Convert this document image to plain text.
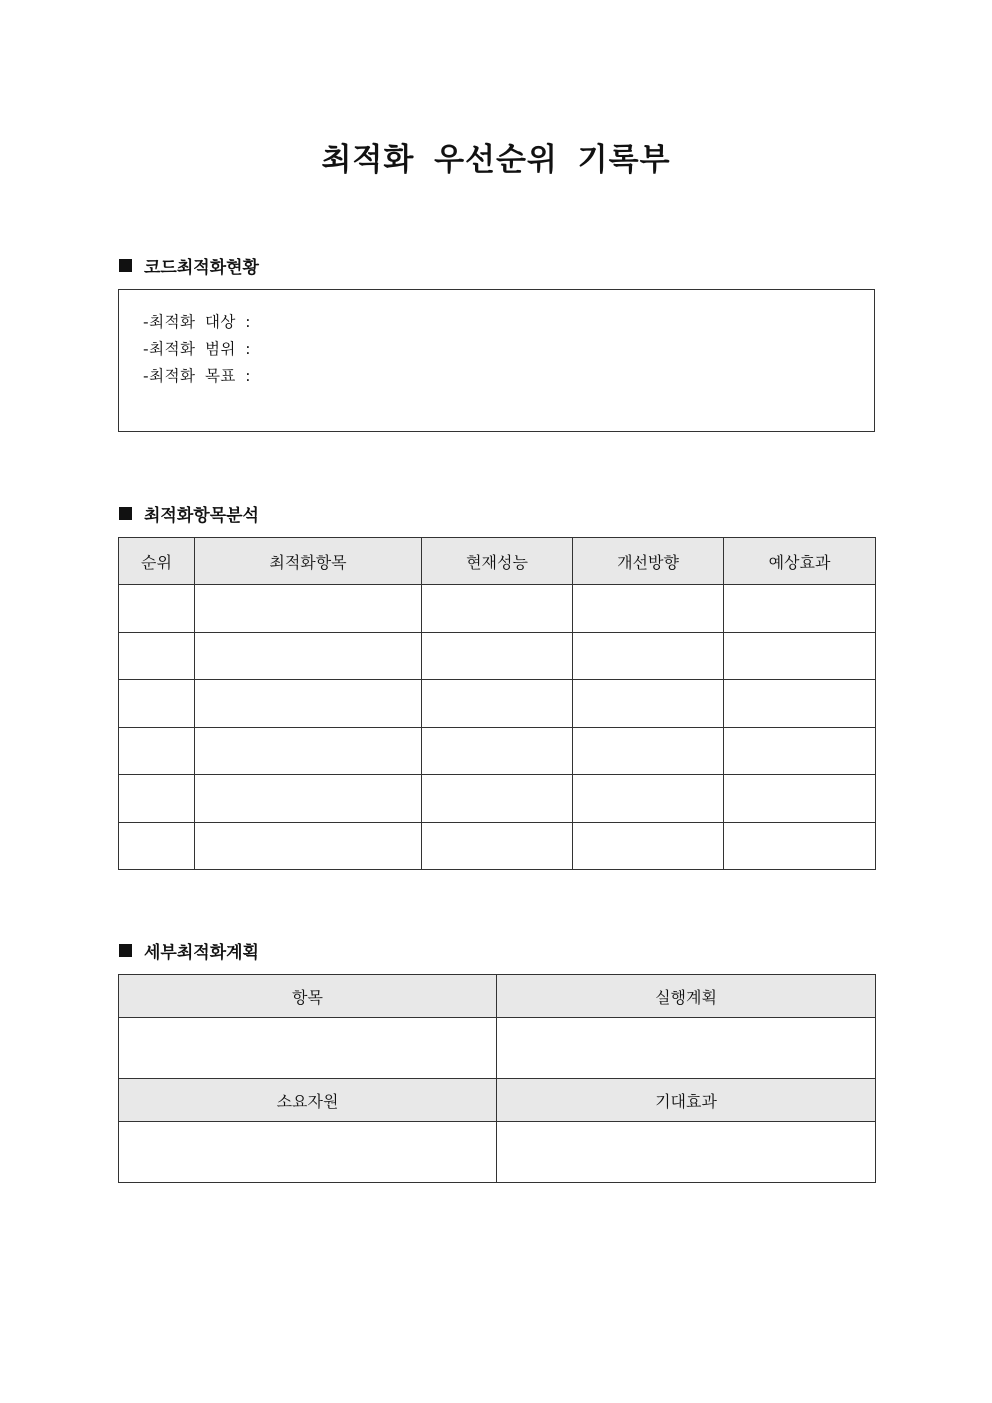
최적화 우선순위 기록부
코드최적화현황
-최적화 대상 :
-최적화 범위 :
-최적화 목표 :
최적화항목분석
순위	최적화항목	현재성능	개선방향	예상효과

세부최적화계획
항목	실행계획

소요자원	기대효과
